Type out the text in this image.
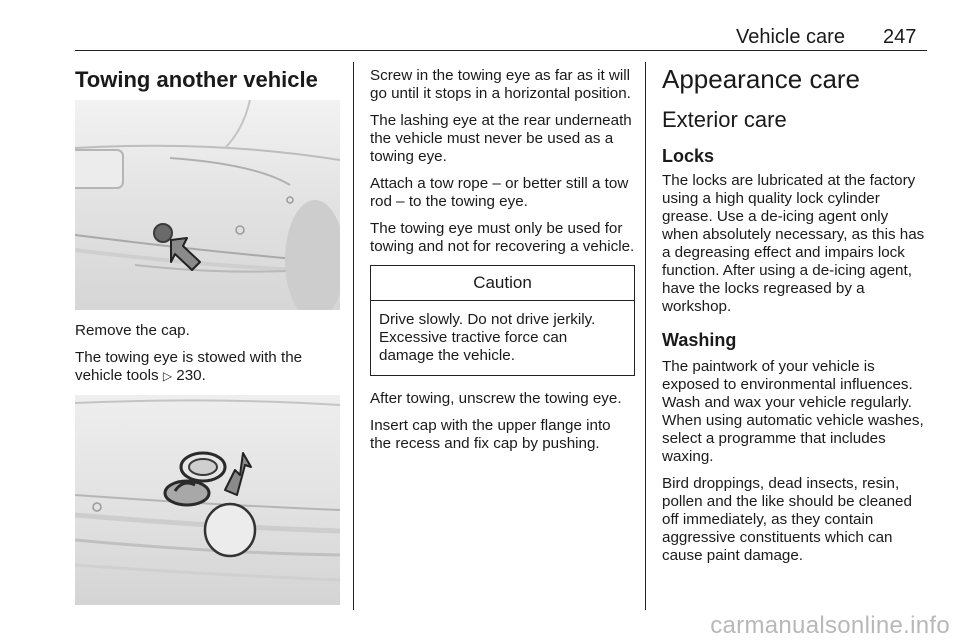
Vehicle care 247
Towing another vehicle

Remove the cap.

The towing eye is stowed with the vehicle tools ▷ 230.

Screw in the towing eye as far as it will go until it stops in a horizontal position.

The lashing eye at the rear underneath the vehicle must never be used as a towing eye.

Attach a tow rope – or better still a tow rod – to the towing eye.

The towing eye must only be used for towing and not for recovering a vehicle.

Caution
Drive slowly. Do not drive jerkily. Excessive tractive force can damage the vehicle.

After towing, unscrew the towing eye.

Insert cap with the upper flange into the recess and fix cap by pushing.

Appearance care
Exterior care
Locks

The locks are lubricated at the factory using a high quality lock cylinder grease. Use a de-icing agent only when absolutely necessary, as this has a degreasing effect and impairs lock function. After using a de-icing agent, have the locks regreased by a workshop.

Washing

The paintwork of your vehicle is exposed to environmental influences. Wash and wax your vehicle regularly. When using automatic vehicle washes, select a programme that includes waxing.

Bird droppings, dead insects, resin, pollen and the like should be cleaned off immediately, as they contain aggressive constituents which can cause paint damage.

carmanualsonline.info
